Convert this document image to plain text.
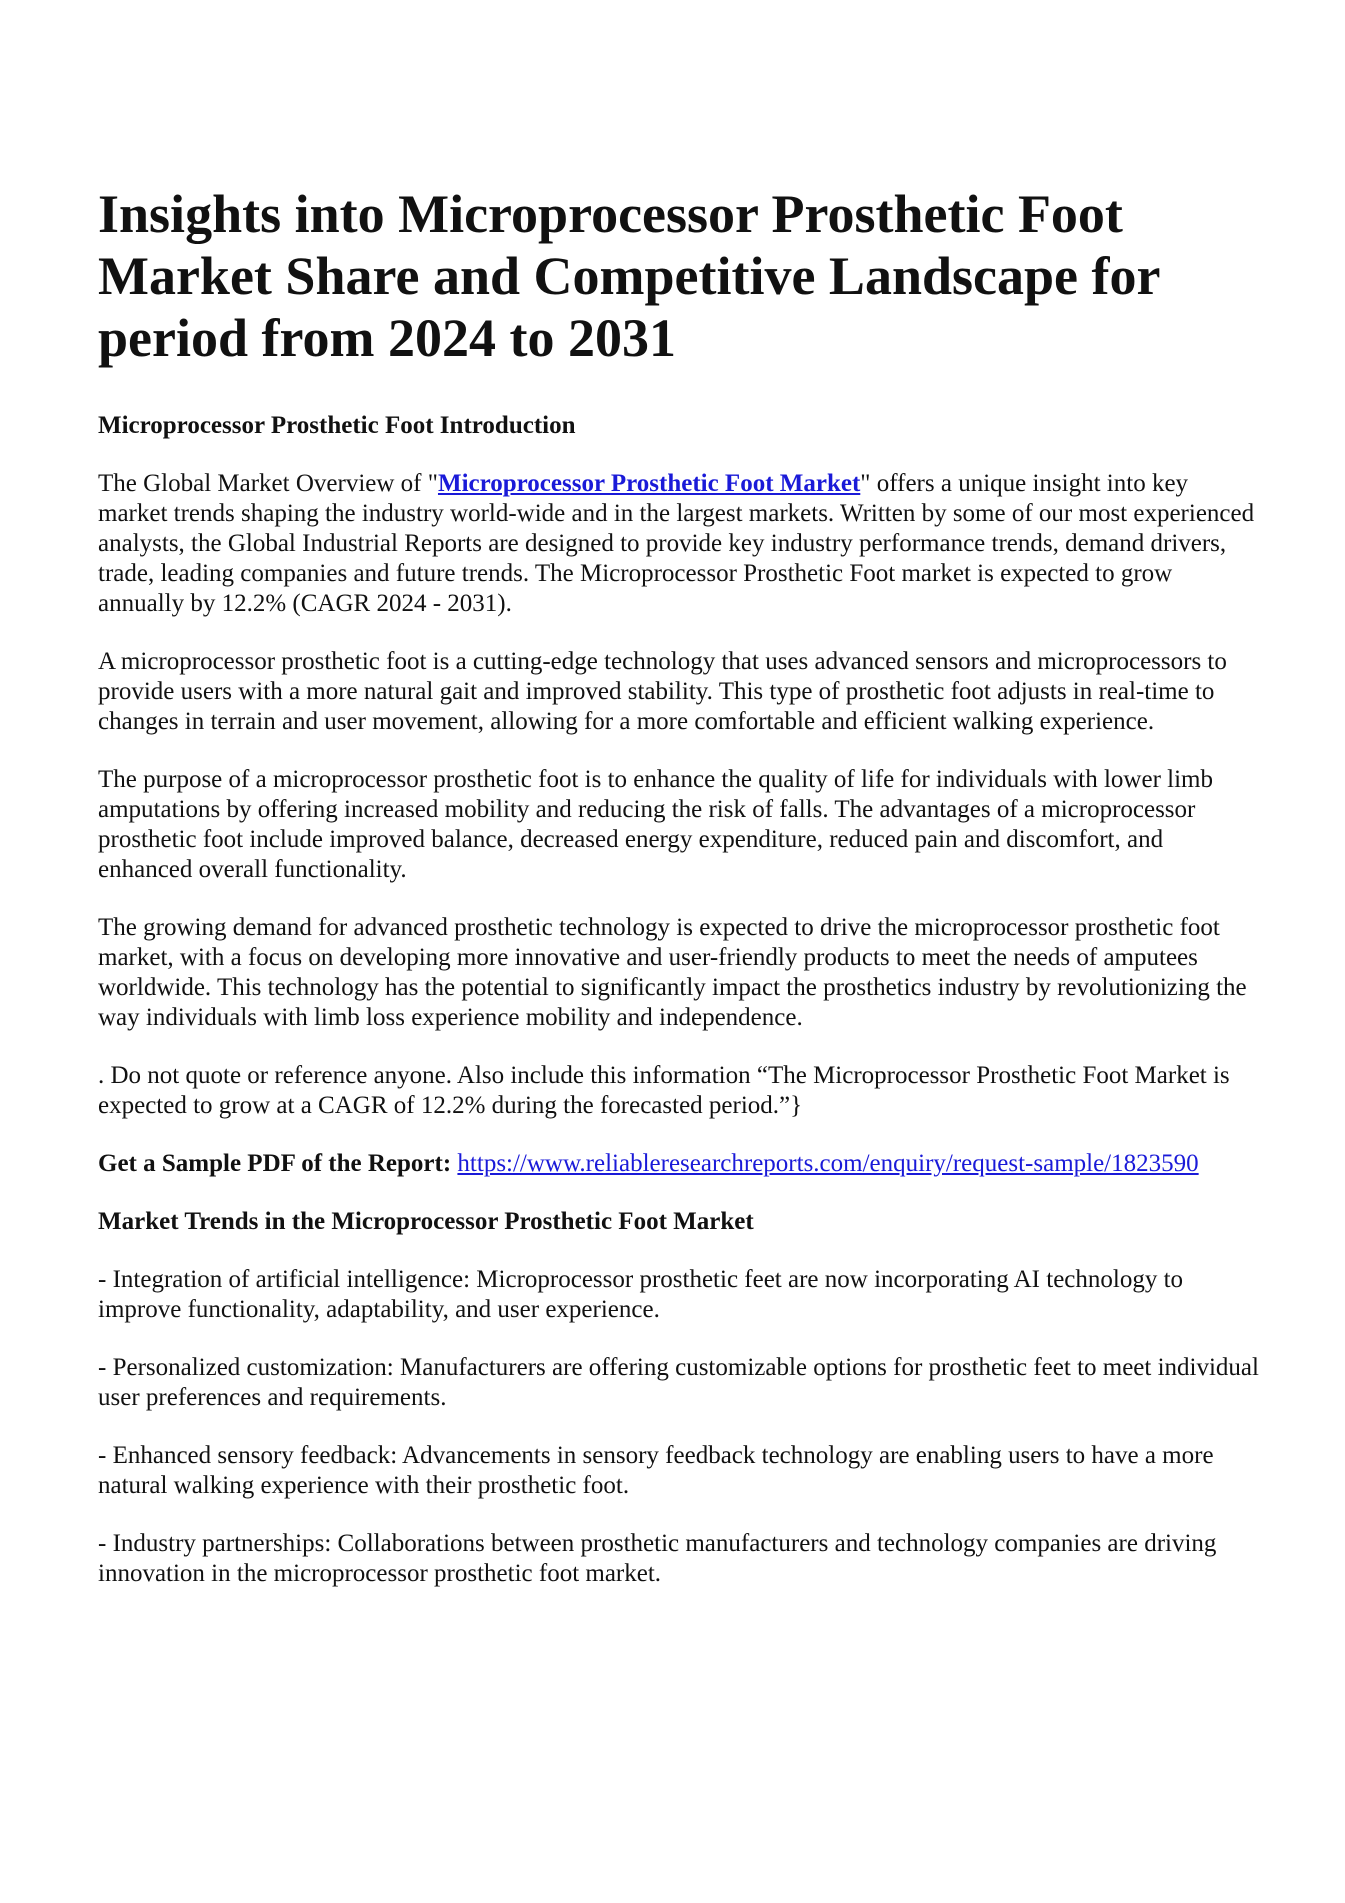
Insights into Microprocessor Prosthetic Foot Market Share and Competitive Landscape for period from 2024 to 2031
Microprocessor Prosthetic Foot Introduction

The Global Market Overview of "Microprocessor Prosthetic Foot Market" offers a unique insight into key market trends shaping the industry world-wide and in the largest markets. Written by some of our most experienced analysts, the Global Industrial Reports are designed to provide key industry performance trends, demand drivers, trade, leading companies and future trends. The Microprocessor Prosthetic Foot market is expected to grow annually by 12.2% (CAGR 2024 - 2031).

A microprocessor prosthetic foot is a cutting-edge technology that uses advanced sensors and microprocessors to provide users with a more natural gait and improved stability. This type of prosthetic foot adjusts in real-time to changes in terrain and user movement, allowing for a more comfortable and efficient walking experience.

The purpose of a microprocessor prosthetic foot is to enhance the quality of life for individuals with lower limb amputations by offering increased mobility and reducing the risk of falls. The advantages of a microprocessor prosthetic foot include improved balance, decreased energy expenditure, reduced pain and discomfort, and enhanced overall functionality.

The growing demand for advanced prosthetic technology is expected to drive the microprocessor prosthetic foot market, with a focus on developing more innovative and user-friendly products to meet the needs of amputees worldwide. This technology has the potential to significantly impact the prosthetics industry by revolutionizing the way individuals with limb loss experience mobility and independence.

. Do not quote or reference anyone. Also include this information “The Microprocessor Prosthetic Foot Market is expected to grow at a CAGR of 12.2% during the forecasted period.”}

Get a Sample PDF of the Report: https://www.reliableresearchreports.com/enquiry/request-sample/1823590

Market Trends in the Microprocessor Prosthetic Foot Market

- Integration of artificial intelligence: Microprocessor prosthetic feet are now incorporating AI technology to improve functionality, adaptability, and user experience.

- Personalized customization: Manufacturers are offering customizable options for prosthetic feet to meet individual user preferences and requirements.

- Enhanced sensory feedback: Advancements in sensory feedback technology are enabling users to have a more natural walking experience with their prosthetic foot.

- Industry partnerships: Collaborations between prosthetic manufacturers and technology companies are driving innovation in the microprocessor prosthetic foot market.
